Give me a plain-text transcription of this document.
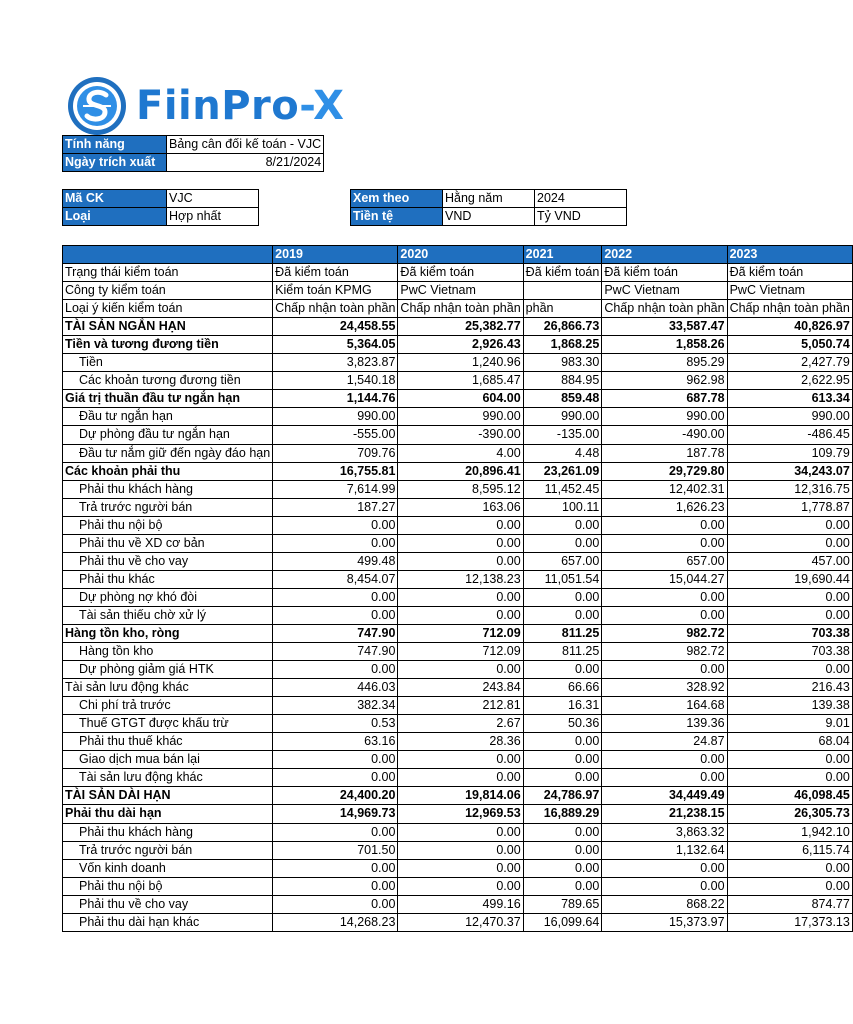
FiinPro-X
Tính năng	Bảng cân đối kế toán - VJC
Ngày trích xuất	8/21/2024
Mã CK	VJC
Loại	Hợp nhất
Xem theo	Hằng năm	2024
Tiền tệ	VND	Tỷ VND
	2019	2020	2021	2022	2023
Trạng thái kiểm toán	Đã kiểm toán	Đã kiểm toán	Đã kiểm toán	Đã kiểm toán	Đã kiểm toán
Công ty kiểm toán	Kiểm toán KPMG	PwC Vietnam		PwC Vietnam	PwC Vietnam
Loại ý kiến kiểm toán	Chấp nhận toàn phần	Chấp nhận toàn phần	phần	Chấp nhận toàn phần	Chấp nhận toàn phần
TÀI SẢN NGẮN HẠN	24,458.55	25,382.77	26,866.73	33,587.47	40,826.97
Tiền và tương đương tiền	5,364.05	2,926.43	1,868.25	1,858.26	5,050.74
Tiền	3,823.87	1,240.96	983.30	895.29	2,427.79
Các khoản tương đương tiền	1,540.18	1,685.47	884.95	962.98	2,622.95
Giá trị thuần đầu tư ngắn hạn	1,144.76	604.00	859.48	687.78	613.34
Đầu tư ngắn hạn	990.00	990.00	990.00	990.00	990.00
Dự phòng đầu tư ngắn hạn	-555.00	-390.00	-135.00	-490.00	-486.45
Đầu tư nắm giữ đến ngày đáo hạn	709.76	4.00	4.48	187.78	109.79
Các khoản phải thu	16,755.81	20,896.41	23,261.09	29,729.80	34,243.07
Phải thu khách hàng	7,614.99	8,595.12	11,452.45	12,402.31	12,316.75
Trả trước người bán	187.27	163.06	100.11	1,626.23	1,778.87
Phải thu nội bộ	0.00	0.00	0.00	0.00	0.00
Phải thu về XD cơ bản	0.00	0.00	0.00	0.00	0.00
Phải thu về cho vay	499.48	0.00	657.00	657.00	457.00
Phải thu khác	8,454.07	12,138.23	11,051.54	15,044.27	19,690.44
Dự phòng nợ khó đòi	0.00	0.00	0.00	0.00	0.00
Tài sản thiếu chờ xử lý	0.00	0.00	0.00	0.00	0.00
Hàng tồn kho, ròng	747.90	712.09	811.25	982.72	703.38
Hàng tồn kho	747.90	712.09	811.25	982.72	703.38
Dự phòng giảm giá HTK	0.00	0.00	0.00	0.00	0.00
Tài sản lưu động khác	446.03	243.84	66.66	328.92	216.43
Chi phí trả trước	382.34	212.81	16.31	164.68	139.38
Thuế GTGT được khấu trừ	0.53	2.67	50.36	139.36	9.01
Phải thu thuế khác	63.16	28.36	0.00	24.87	68.04
Giao dịch mua bán lại	0.00	0.00	0.00	0.00	0.00
Tài sản lưu động khác	0.00	0.00	0.00	0.00	0.00
TÀI SẢN DÀI HẠN	24,400.20	19,814.06	24,786.97	34,449.49	46,098.45
Phải thu dài hạn	14,969.73	12,969.53	16,889.29	21,238.15	26,305.73
Phải thu khách hàng	0.00	0.00	0.00	3,863.32	1,942.10
Trả trước người bán	701.50	0.00	0.00	1,132.64	6,115.74
Vốn kinh doanh	0.00	0.00	0.00	0.00	0.00
Phải thu nội bộ	0.00	0.00	0.00	0.00	0.00
Phải thu về cho vay	0.00	499.16	789.65	868.22	874.77
Phải thu dài hạn khác	14,268.23	12,470.37	16,099.64	15,373.97	17,373.13
